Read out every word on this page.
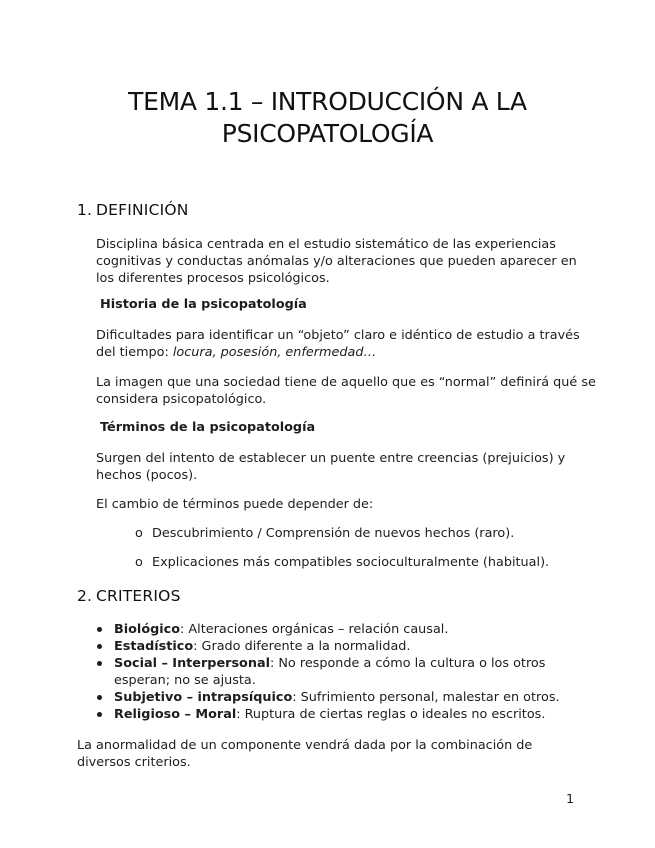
TEMA 1.1 – INTRODUCCIÓN A LA
PSICOPATOLOGÍA
1. DEFINICIÓN

Disciplina básica centrada en el estudio sistemático de las experiencias cognitivas y conductas anómalas y/o alteraciones que pueden aparecer en los diferentes procesos psicológicos.

Historia de la psicopatología

Dificultades para identificar un “objeto” claro e idéntico de estudio a través del tiempo: locura, posesión, enfermedad…

La imagen que una sociedad tiene de aquello que es “normal” definirá qué se considera psicopatológico.

Términos de la psicopatología

Surgen del intento de establecer un puente entre creencias (prejuicios) y hechos (pocos).

El cambio de términos puede depender de:

o Descubrimiento / Comprensión de nuevos hechos (raro).
o Explicaciones más compatibles socioculturalmente (habitual).
2. CRITERIOS
Biológico: Alteraciones orgánicas – relación causal.
Estadístico: Grado diferente a la normalidad.
Social – Interpersonal: No responde a cómo la cultura o los otros esperan; no se ajusta.
Subjetivo – intrapsíquico: Sufrimiento personal, malestar en otros.
Religioso – Moral: Ruptura de ciertas reglas o ideales no escritos.

La anormalidad de un componente vendrá dada por la combinación de diversos criterios.

1
